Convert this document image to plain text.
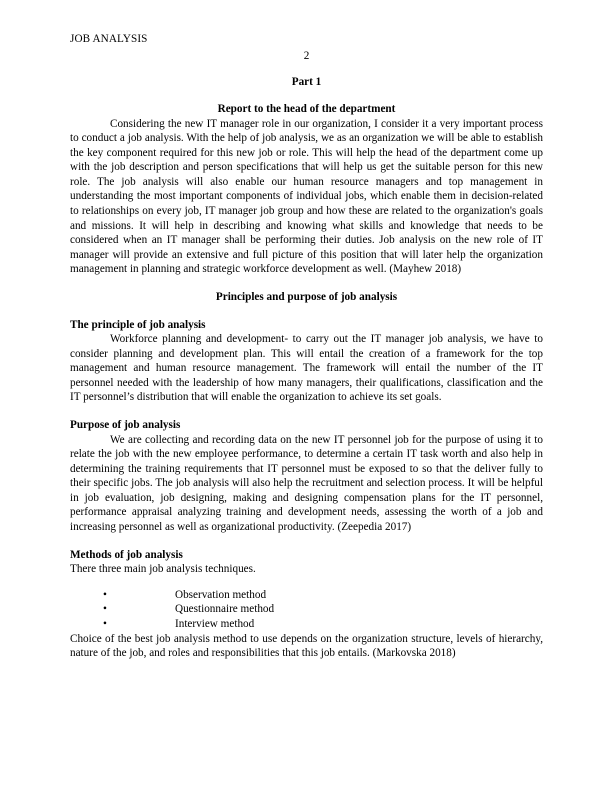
JOB ANALYSIS
2
Part 1
Report to the head of the department

Considering the new IT manager role in our organization, I consider it a very important process to conduct a job analysis. With the help of job analysis, we as an organization we will be able to establish the key component required for this new job or role. This will help the head of the department come up with the job description and person specifications that will help us get the suitable person for this new role. The job analysis will also enable our human resource managers and top management in understanding the most important components of individual jobs, which enable them in decision-related to relationships on every job, IT manager job group and how these are related to the organization's goals and missions. It will help in describing and knowing what skills and knowledge that needs to be considered when an IT manager shall be performing their duties. Job analysis on the new role of IT manager will provide an extensive and full picture of this position that will later help the organization management in planning and strategic workforce development as well. (Mayhew 2018)

Principles and purpose of job analysis
The principle of job analysis

Workforce planning and development- to carry out the IT manager job analysis, we have to consider planning and development plan. This will entail the creation of a framework for the top management and human resource management. The framework will entail the number of the IT personnel needed with the leadership of how many managers, their qualifications, classification and the IT personnel’s distribution that will enable the organization to achieve its set goals.

Purpose of job analysis

We are collecting and recording data on the new IT personnel job for the purpose of using it to relate the job with the new employee performance, to determine a certain IT task worth and also help in determining the training requirements that IT personnel must be exposed to so that the deliver fully to their specific jobs. The job analysis will also help the recruitment and selection process. It will be helpful in job evaluation, job designing, making and designing compensation plans for the IT personnel, performance appraisal analyzing training and development needs, assessing the worth of a job and increasing personnel as well as organizational productivity. (Zeepedia 2017)

Methods of job analysis

There three main job analysis techniques.

•	Observation method
•	Questionnaire method
•	Interview method

Choice of the best job analysis method to use depends on the organization structure, levels of hierarchy, nature of the job, and roles and responsibilities that this job entails. (Markovska 2018)
